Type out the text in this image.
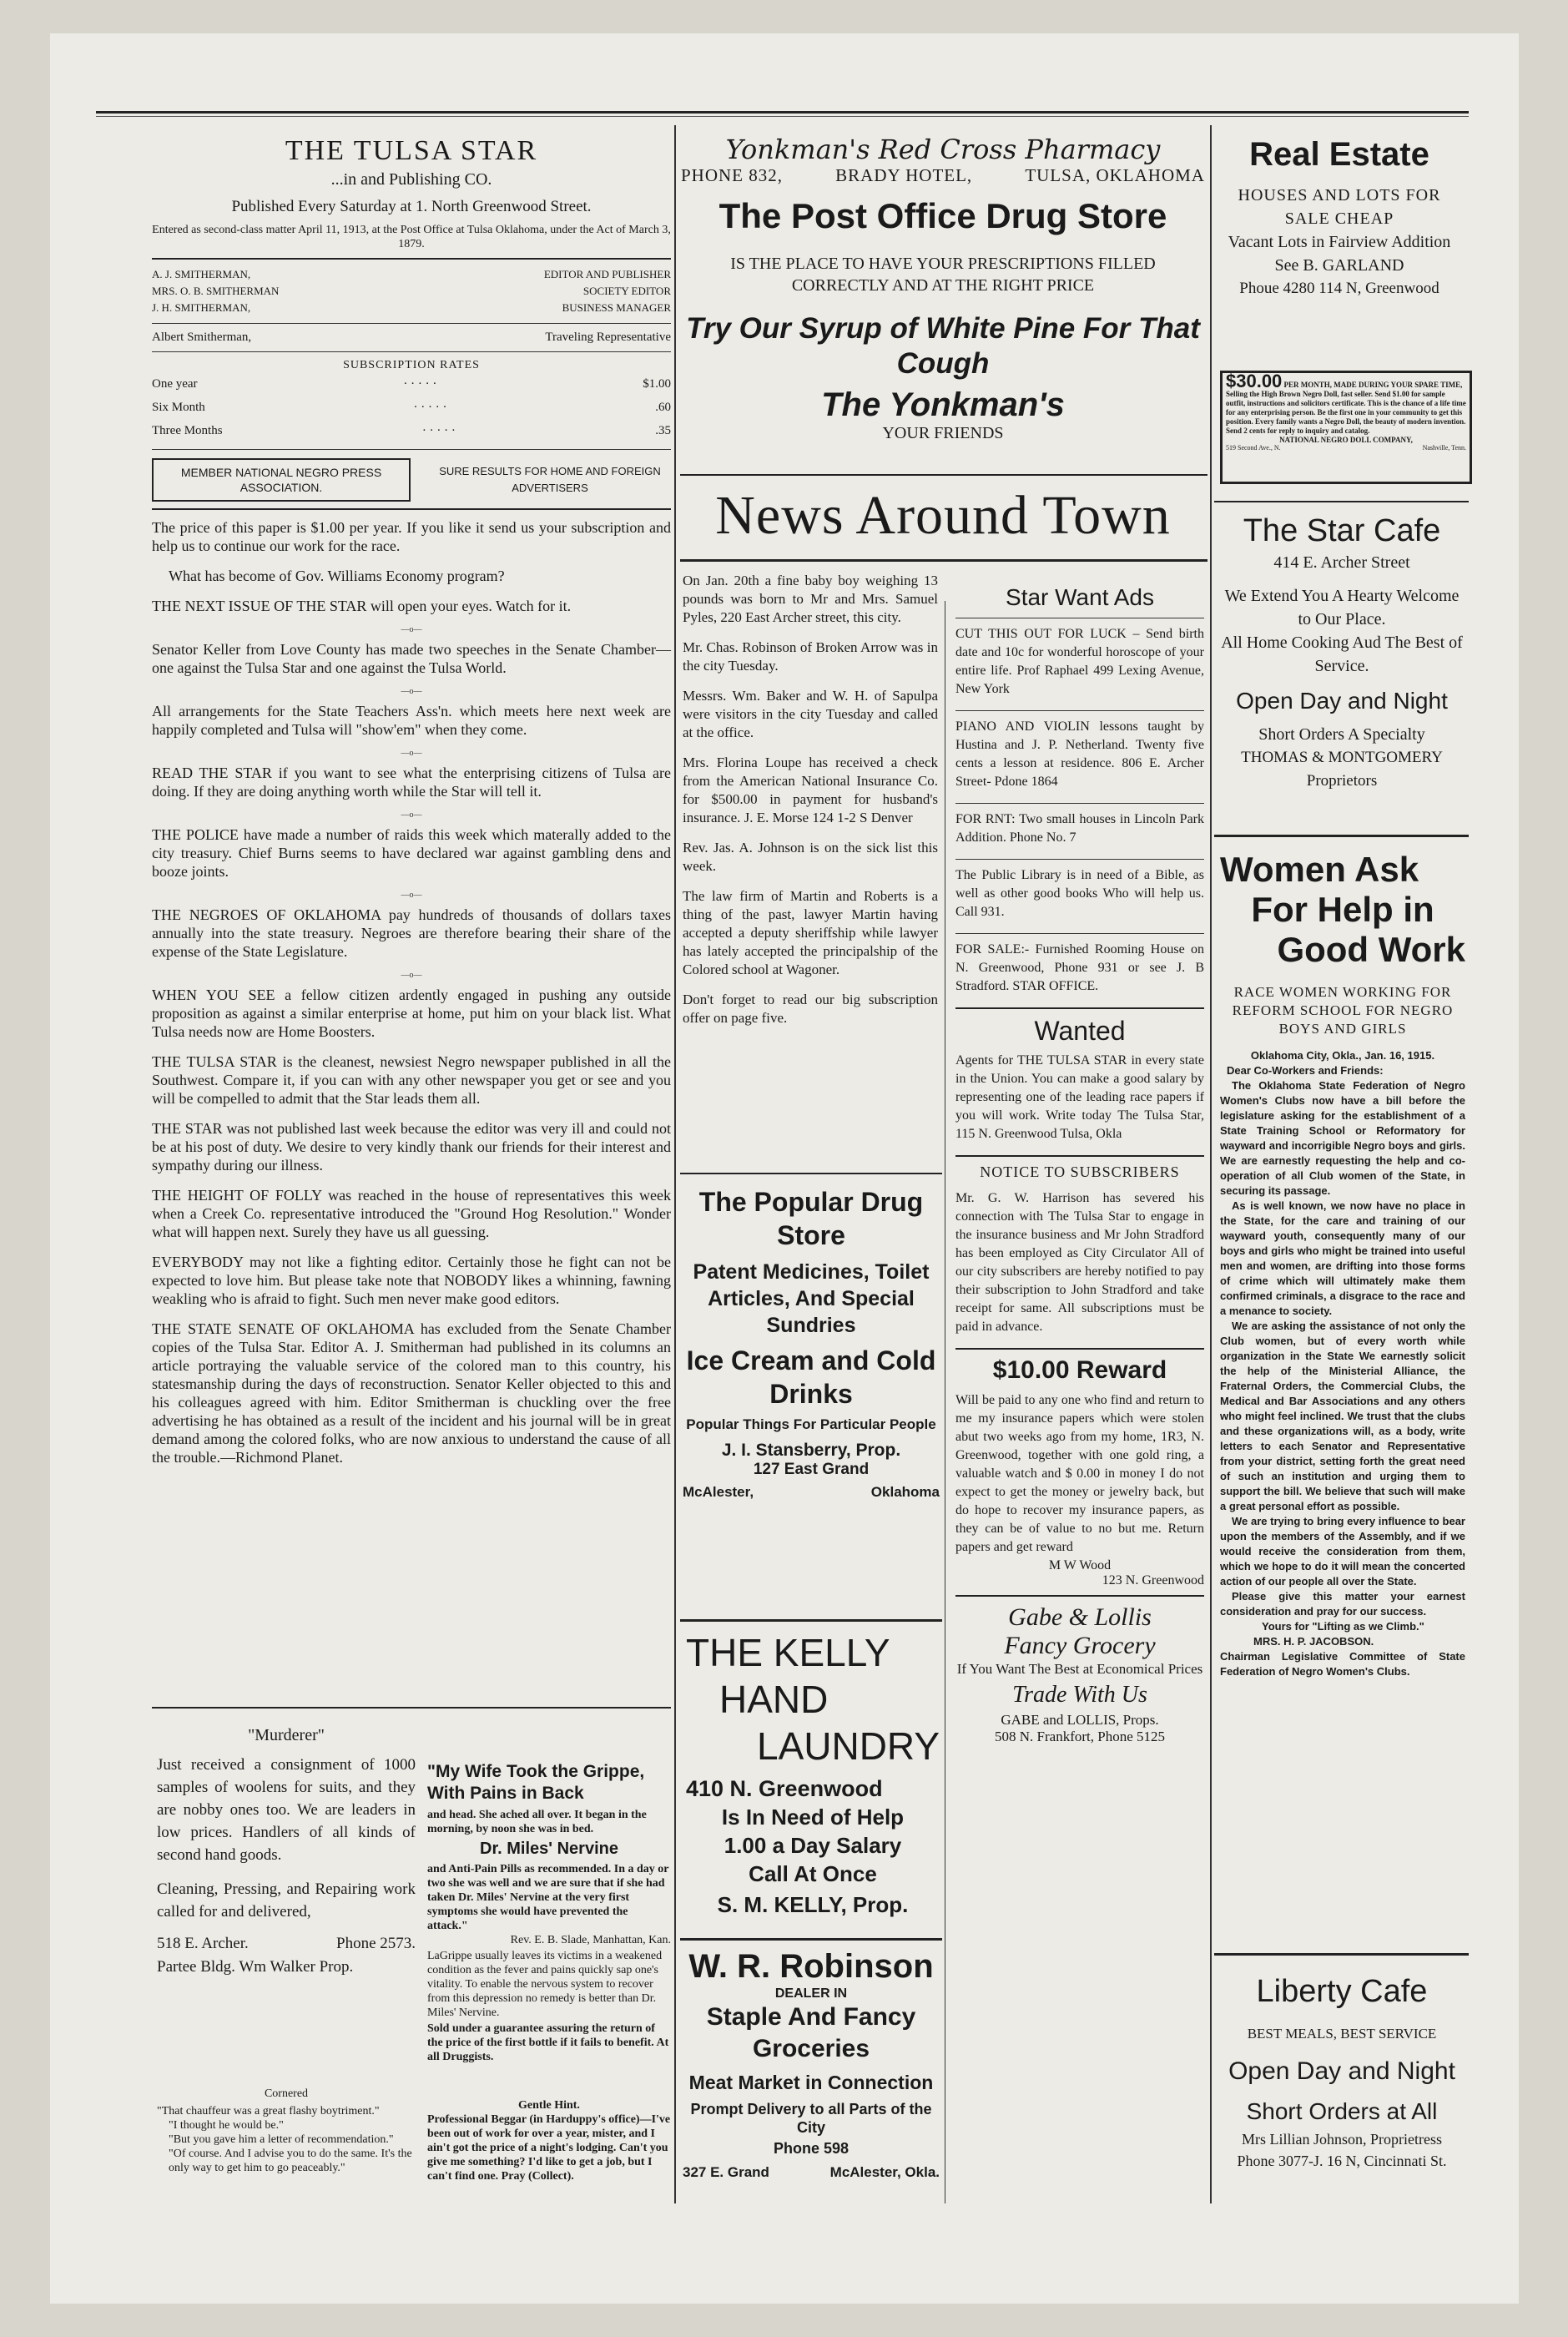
THE TULSA STAR
...in and Publishing CO.
Published Every Saturday at 1. North Greenwood Street.
Entered as second-class matter April 11, 1913, at the Post Office at Tulsa Oklahoma, under the Act of March 3, 1879.
A. J. SMITHERMAN,	EDITOR AND PUBLISHER
MRS. O. B. SMITHERMAN	SOCIETY EDITOR
J. H. SMITHERMAN,	BUSINESS MANAGER
Albert Smitherman,	Traveling Representative
SUBSCRIPTION RATES
One year	· · · · ·	$1.00
Six Month	· · · · ·	.60
Three Months	· · · · ·	.35
MEMBER NATIONAL NEGRO PRESS ASSOCIATION.
SURE RESULTS FOR HOME AND FOREIGN ADVERTISERS

The price of this paper is $1.00 per year. If you like it send us your subscription and help us to continue our work for the race.

What has become of Gov. Williams Economy program?

THE NEXT ISSUE OF THE STAR will open your eyes. Watch for it.

—o—

Senator Keller from Love County has made two speeches in the Senate Chamber—one against the Tulsa Star and one against the Tulsa World.

—o—

All arrangements for the State Teachers Ass'n. which meets here next week are happily completed and Tulsa will "show'em" when they come.

—o—

READ THE STAR if you want to see what the enterprising citizens of Tulsa are doing. If they are doing anything worth while the Star will tell it.

—o—

THE POLICE have made a number of raids this week which materally added to the city treasury. Chief Burns seems to have declared war against gambling dens and booze joints.

—o—

THE NEGROES OF OKLAHOMA pay hundreds of thousands of dollars taxes annually into the state treasury. Negroes are therefore bearing their share of the expense of the State Legislature.

—o—

WHEN YOU SEE a fellow citizen ardently engaged in pushing any outside proposition as against a similar enterprise at home, put him on your black list. What Tulsa needs now are Home Boosters.

THE TULSA STAR is the cleanest, newsiest Negro newspaper published in all the Southwest. Compare it, if you can with any other newspaper you get or see and you will be compelled to admit that the Star leads them all.

THE STAR was not published last week because the editor was very ill and could not be at his post of duty. We desire to very kindly thank our friends for their interest and sympathy during our illness.

THE HEIGHT OF FOLLY was reached in the house of representatives this week when a Creek Co. representative introduced the "Ground Hog Resolution." Wonder what will happen next. Surely they have us all guessing.

EVERYBODY may not like a fighting editor. Certainly those he fight can not be expected to love him. But please take note that NOBODY likes a whinning, fawning weakling who is afraid to fight. Such men never make good editors.

THE STATE SENATE OF OKLAHOMA has excluded from the Senate Chamber copies of the Tulsa Star. Editor A. J. Smitherman had published in its columns an article portraying the valuable service of the colored man to this country, his statesmanship during the days of reconstruction. Senator Keller objected to this and his colleagues agreed with him. Editor Smitherman is chuckling over the free advertising he has obtained as a result of the incident and his journal will be in great demand among the colored folks, who are now anxious to understand the cause of all the trouble.—Richmond Planet.

"Murderer"

Just received a consignment of 1000 samples of woolens for suits, and they are nobby ones too. We are leaders in low prices. Handlers of all kinds of second hand goods.

Cleaning, Pressing, and Repairing work called for and delivered,

518 E. Archer.	Phone 2573.
Partee Bldg. Wm Walker Prop.
Cornered
"That chauffeur was a great flashy boytriment."
"I thought he would be."
"But you gave him a letter of recommendation."
"Of course. And I advise you to do the same. It's the only way to get him to go peaceably."
"My Wife Took the Grippe, With Pains in Back
and head. She ached all over. It began in the morning, by noon she was in bed.
Dr. Miles' Nervine
and Anti-Pain Pills as recommended. In a day or two she was well and we are sure that if she had taken Dr. Miles' Nervine at the very first symptoms she would have prevented the attack."
Rev. E. B. Slade, Manhattan, Kan.
LaGrippe usually leaves its victims in a weakened condition as the fever and pains quickly sap one's vitality. To enable the nervous system to recover from this depression no remedy is better than Dr. Miles' Nervine.
Sold under a guarantee assuring the return of the price of the first bottle if it fails to benefit. At all Druggists.
Gentle Hint.
Professional Beggar (in Harduppy's office)—I've been out of work for over a year, mister, and I ain't got the price of a night's lodging. Can't you give me something? I'd like to get a job, but I can't find one. Pray (Collect).
Yonkman's Red Cross Pharmacy
PHONE 832,	BRADY HOTEL,	TULSA, OKLAHOMA
The Post Office Drug Store
IS THE PLACE TO HAVE YOUR PRESCRIPTIONS FILLED CORRECTLY AND AT THE RIGHT PRICE
Try Our Syrup of White Pine For That Cough
The Yonkman's
YOUR FRIENDS
News Around Town

On Jan. 20th a fine baby boy weighing 13 pounds was born to Mr and Mrs. Samuel Pyles, 220 East Archer street, this city.

Mr. Chas. Robinson of Broken Arrow was in the city Tuesday.

Messrs. Wm. Baker and W. H. of Sapulpa were visitors in the city Tuesday and called at the office.

Mrs. Florina Loupe has received a check from the American National Insurance Co. for $500.00 in payment for husband's insurance. J. E. Morse 124 1-2 S Denver

Rev. Jas. A. Johnson is on the sick list this week.

The law firm of Martin and Roberts is a thing of the past, lawyer Martin having accepted a deputy sheriffship while lawyer has lately accepted the principalship of the Colored school at Wagoner.

Don't forget to read our big subscription offer on page five.

The Popular Drug Store
Patent Medicines, Toilet Articles, And Special Sundries
Ice Cream and Cold Drinks
Popular Things For Particular People
J. I. Stansberry, Prop.
127 East Grand
McAlester,	Oklahoma
THE KELLY
HAND
LAUNDRY
410 N. Greenwood
Is In Need of Help
1.00 a Day Salary
Call At Once
S. M. KELLY, Prop.
W. R. Robinson
DEALER IN
Staple And Fancy Groceries
Meat Market in Connection
Prompt Delivery to all Parts of the City
Phone 598
327 E. Grand	McAlester, Okla.
Star Want Ads

CUT THIS OUT FOR LUCK – Send birth date and 10c for wonderful horoscope of your entire life. Prof Raphael 499 Lexing Avenue, New York

PIANO AND VIOLIN lessons taught by Hustina and J. P. Netherland. Twenty five cents a lesson at residence. 806 E. Archer Street- Pdone 1864

FOR RNT: Two small houses in Lincoln Park Addition. Phone No. 7

The Public Library is in need of a Bible, as well as other good books Who will help us. Call 931.

FOR SALE:- Furnished Rooming House on N. Greenwood, Phone 931 or see J. B Stradford. STAR OFFICE.

Wanted

Agents for THE TULSA STAR in every state in the Union. You can make a good salary by representing one of the leading race papers if you will work. Write today The Tulsa Star, 115 N. Greenwood Tulsa, Okla

NOTICE TO SUBSCRIBERS

Mr. G. W. Harrison has severed his connection with The Tulsa Star to engage in the insurance business and Mr John Stradford has been employed as City Circulator All of our city subscribers are hereby notified to pay their subscription to John Stradford and take receipt for same. All subscriptions must be paid in advance.

$10.00 Reward

Will be paid to any one who find and return to me my insurance papers which were stolen abut two weeks ago from my home, 1R3, N. Greenwood, together with one gold ring, a valuable watch and $ 0.00 in money I do not expect to get the money or jewelry back, but do hope to recover my insurance papers, as they can be of value to no but me. Return papers and get reward

M W Wood
123 N. Greenwood
Gabe & Lollis
Fancy Grocery
If You Want The Best at Economical Prices
Trade With Us
GABE and LOLLIS, Props.
508 N. Frankfort, Phone 5125
Real Estate
HOUSES AND LOTS FOR SALE CHEAP
Vacant Lots in Fairview Addition
See B. GARLAND
Phoue 4280 114 N, Greenwood
$30.00 PER MONTH, MADE DURING YOUR SPARE TIME, Selling the High Brown Negro Doll, fast seller. Send $1.00 for sample outfit, instructions and solicitors certificate. This is the chance of a life time for any enterprising person. Be the first one in your community to get this position. Every family wants a Negro Doll, the beauty of modern invention. Send 2 cents for reply to inquiry and catalog.
NATIONAL NEGRO DOLL COMPANY,
519 Second Ave., N.	Nashville, Tenn.
The Star Cafe
414 E. Archer Street
We Extend You A Hearty Welcome to Our Place.
All Home Cooking Aud The Best of Service.
Open Day and Night
Short Orders A Specialty
THOMAS & MONTGOMERY
Proprietors
Women Ask
For Help in
Good Work
RACE WOMEN WORKING FOR REFORM SCHOOL FOR NEGRO BOYS AND GIRLS
Oklahoma City, Okla., Jan. 16, 1915.
Dear Co-Workers and Friends:
The Oklahoma State Federation of Negro Women's Clubs now have a bill before the legislature asking for the establishment of a State Training School or Reformatory for wayward and incorrigible Negro boys and girls. We are earnestly requesting the help and co-operation of all Club women of the State, in securing its passage.
As is well known, we now have no place in the State, for the care and training of our wayward youth, consequently many of our boys and girls who might be trained into useful men and women, are drifting into those forms of crime which will ultimately make them confirmed criminals, a disgrace to the race and a menance to society.
We are asking the assistance of not only the Club women, but of every worth while organization in the State We earnestly solicit the help of the Ministerial Alliance, the Fraternal Orders, the Commercial Clubs, the Medical and Bar Associations and any others who might feel inclined. We trust that the clubs and these organizations will, as a body, write letters to each Senator and Representative from your district, setting forth the great need of such an institution and urging them to support the bill. We believe that such will make a great personal effort as possible.
We are trying to bring every influence to bear upon the members of the Assembly, and if we would receive the consideration from them, which we hope to do it will mean the concerted action of our people all over the State.
Please give this matter your earnest consideration and pray for our success.
Yours for "Lifting as we Climb."
MRS. H. P. JACOBSON.
Chairman Legislative Committee of State Federation of Negro Women's Clubs.
Liberty Cafe
BEST MEALS, BEST SERVICE
Open Day and Night
Short Orders at All
Mrs Lillian Johnson, Proprietress
Phone 3077-J. 16 N, Cincinnati St.
